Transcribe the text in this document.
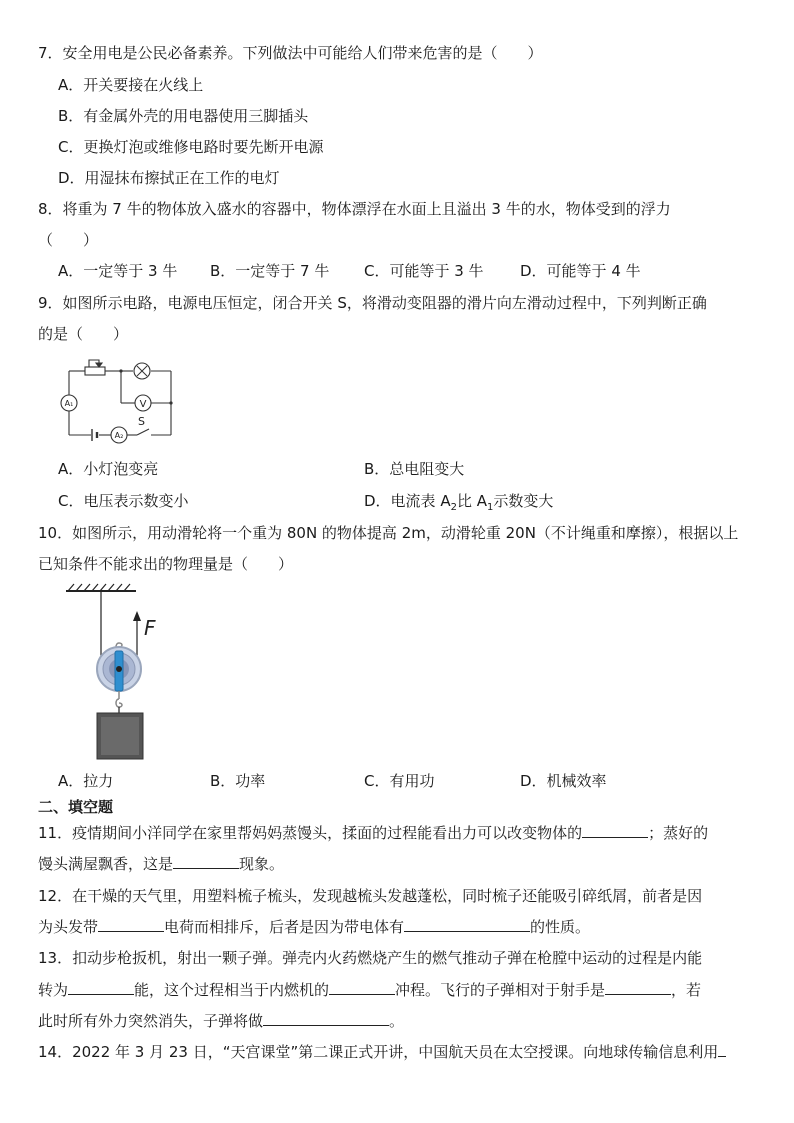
7．安全用电是公民必备素养。下列做法中可能给人们带来危害的是（　　）
A．开关要接在火线上
B．有金属外壳的用电器使用三脚插头
C．更换灯泡或维修电路时要先断开电源
D．用湿抹布擦拭正在工作的电灯
8．将重为 7 牛的物体放入盛水的容器中，物体漂浮在水面上且溢出 3 牛的水，物体受到的浮力
（　　）
A．一定等于 3 牛 B．一定等于 7 牛 C．可能等于 3 牛 D．可能等于 4 牛
9．如图所示电路，电源电压恒定，闭合开关 S，将滑动变阻器的滑片向左滑动过程中，下列判断正确
的是（　　）
V
A₁
A₂
S
A．小灯泡变亮	B．总电阻变大
C．电压表示数变小	D．电流表 $A_2$比 $A_1$示数变大
10．如图所示，用动滑轮将一个重为 80N 的物体提高 2m，动滑轮重 20N（不计绳重和摩擦），根据以上
已知条件不能求出的物理量是（　　）
F
A．拉力	B．功率	C．有用功	D．机械效率
二、填空题
11．疫情期间小洋同学在家里帮妈妈蒸馒头，揉面的过程能看出力可以改变物体的	；蒸好的
馒头满屋飘香，这是	现象。
12．在干燥的天气里，用塑料梳子梳头，发现越梳头发越蓬松，同时梳子还能吸引碎纸屑，前者是因
为头发带	电荷而相排斥，后者是因为带电体有	的性质。
13．扣动步枪扳机，射出一颗子弹。弹壳内火药燃烧产生的燃气推动子弹在枪膛中运动的过程是内能
转为	能，这个过程相当于内燃机的	冲程。飞行的子弹相对于射手是	，若
此时所有外力突然消失，子弹将做	。
14．2022 年 3 月 23 日，“天宫课堂”第二课正式开讲，中国航天员在太空授课。向地球传输信息利用
